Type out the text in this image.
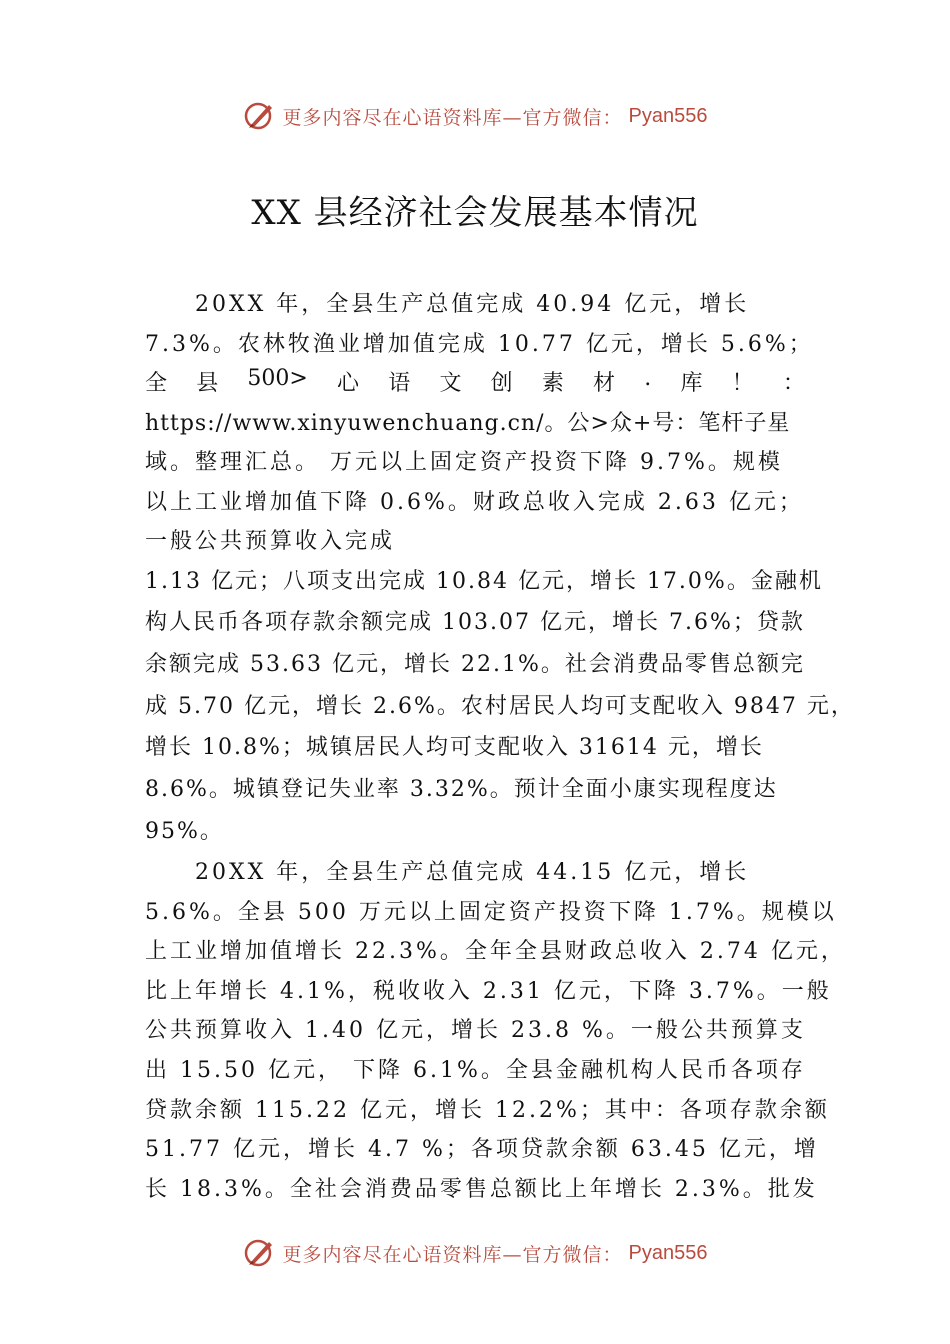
更多内容尽在心语资料库—官方微信： Pyan556
XX 县经济社会发展基本情况
20XX 年，全县生产总值完成 40.94 亿元，增长
7.3%。农林牧渔业增加值完成 10.77 亿元，增长 5.6%；
全 县 500> 心 语 文 创 素 材 . 库 ！ ：
https://www.xinyuwenchuang.cn/。公>众+号：笔杆子星
域。整理汇总。 万元以上固定资产投资下降 9.7%。规模
以上工业增加值下降 0.6%。财政总收入完成 2.63 亿元；
一般公共预算收入完成
1.13 亿元；八项支出完成 10.84 亿元，增长 17.0%。金融机
构人民币各项存款余额完成 103.07 亿元，增长 7.6%；贷款
余额完成 53.63 亿元，增长 22.1%。社会消费品零售总额完
成 5.70 亿元，增长 2.6%。农村居民人均可支配收入 9847 元，
增长 10.8%；城镇居民人均可支配收入 31614 元，增长
8.6%。城镇登记失业率 3.32%。预计全面小康实现程度达
95%。
20XX 年，全县生产总值完成 44.15 亿元，增长
5.6%。全县 500 万元以上固定资产投资下降 1.7%。规模以
上工业增加值增长 22.3%。全年全县财政总收入 2.74 亿元，
比上年增长 4.1%，税收收入 2.31 亿元，下降 3.7%。一般
公共预算收入 1.40 亿元，增长 23.8 %。一般公共预算支
出 15.50 亿元， 下降 6.1%。全县金融机构人民币各项存
贷款余额 115.22 亿元，增长 12.2%；其中：各项存款余额
51.77 亿元，增长 4.7 %；各项贷款余额 63.45 亿元，增
长 18.3%。全社会消费品零售总额比上年增长 2.3%。批发
更多内容尽在心语资料库—官方微信： Pyan556
